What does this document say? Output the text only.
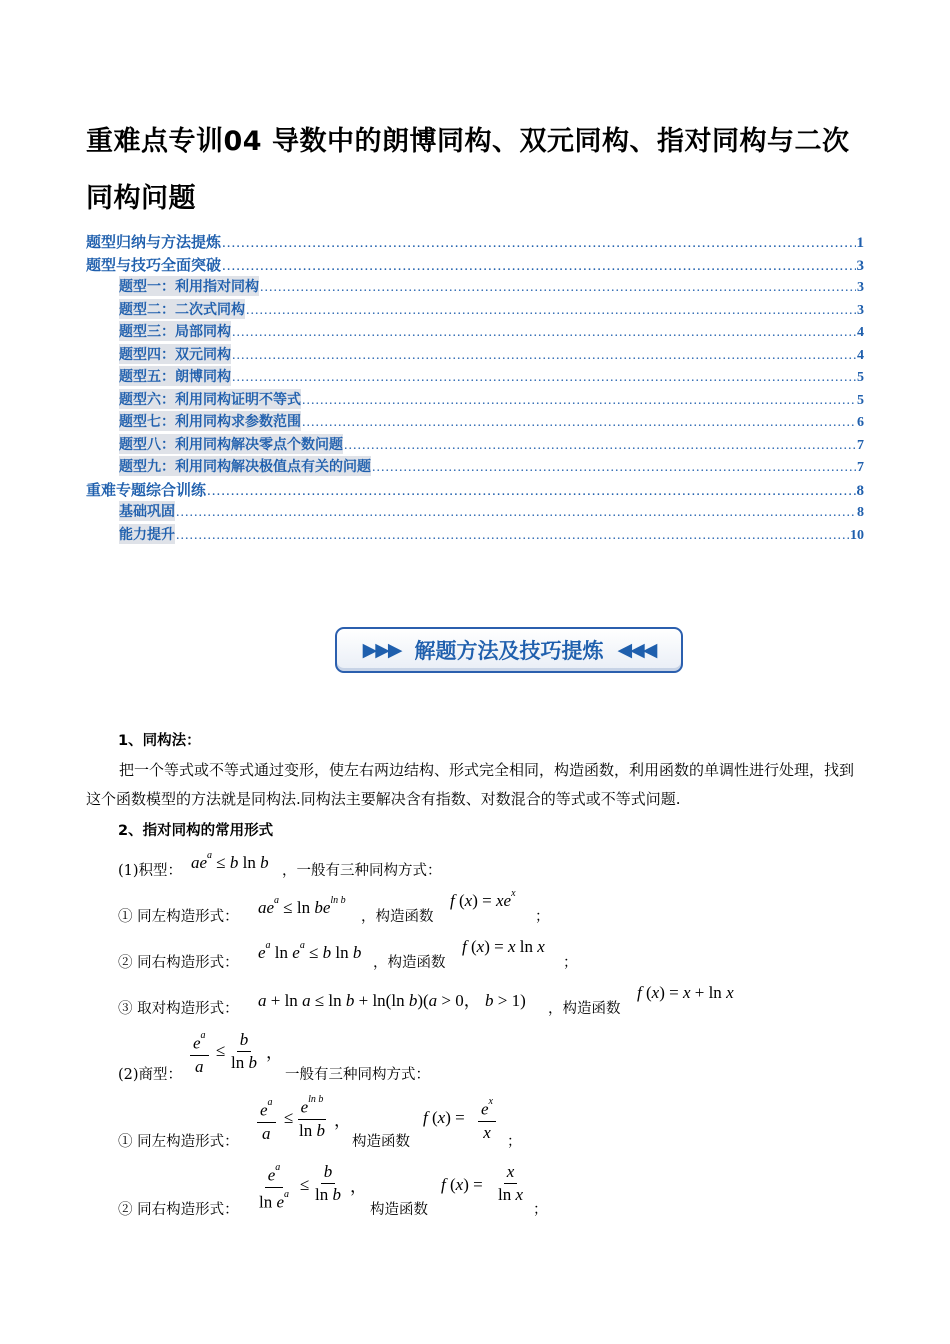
重难点专训04 导数中的朗博同构、双元同构、指对同构与二次同构问题
题型归纳与方法提炼 .....	1
题型与技巧全面突破 .....	3
题型一：利用指对同构 .....	3
题型二：二次式同构 .....	3
题型三：局部同构 .....	4
题型四：双元同构 .....	4
题型五：朗博同构 .....	5
题型六：利用同构证明不等式 .....	5
题型七：利用同构求参数范围 .....	6
题型八：利用同构解决零点个数问题 .....	7
题型九：利用同构解决极值点有关的问题 .....	7
重难专题综合训练 .....	8
基础巩固 .....	8
能力提升 .....	10
▶▶▶ 解题方法及技巧提炼 ◀◀◀
1、同构法：
把一个等式或不等式通过变形，使左右两边结构、形式完全相同，构造函数，利用函数的单调性进行处理，找到这个函数模型的方法就是同构法.同构法主要解决含有指数、对数混合的等式或不等式问题.
2、指对同构的常用形式
(1)积型： $ae^a \le b$ ln b ，一般有三种同构方式：
① 同左构造形式： $ae^a \le \ln be^{ln b}$
，构造函数
f $(x) = xe^x$
；
② 同右构造形式：
$e^a$ $\ln e^a \le b$ ln b
，构造函数
f (x) = x ln x
；
③ 取对构造形式： a + ln a ≤ ln b + ln(ln b)(a > 0， b > 1) ，构造函数
f (x) = x + ln x
$\frac{e^a}{a} \le \frac{b}{\text{ln b}}$ ，
(2)商型：	一般有三种同构方式：
① 同左构造形式： $\frac{e^a}{a} \le \frac{e^{ln b}}{\text{ln b}}$ ，
构造函数
f $(x) = \frac{e^x}{x}$ ；
② 同右构造形式： $\frac{e^a}{\ln e^a} \le \frac{b}{\text{ln b}}$ ，
构造函数
f $(x) = \frac{x}{\text{ln x}}$
；
